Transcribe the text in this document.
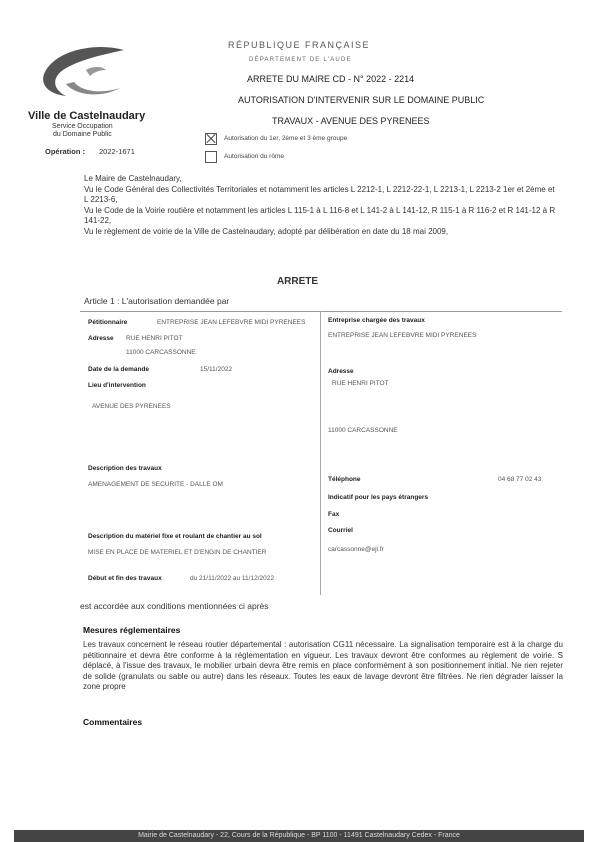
Ville de Castelnaudary
Service Occupation
du Domaine Public
Opération : 2022-1671
RÉPUBLIQUE FRANÇAISE
DÉPARTEMENT DE L'AUDE
ARRETE DU MAIRE CD - N° 2022 - 2214
AUTORISATION D'INTERVENIR SUR LE DOMAINE PUBLIC
TRAVAUX - AVENUE DES PYRENEES
Autorisation du 1er, 2ème et 3 ème groupe
Autorisation du rôme

Le Maire de Castelnaudary,

Vu le Code Général des Collectivités Territoriales et notamment les articles L 2212-1, L 2212-22-1, L 2213-1, L 2213-2 1er et 2ème et L 2213-6,

Vu le Code de la Voirie routière et notamment les articles L 115-1 à L 116-8 et L 141-2 à L 141-12, R 115-1 à R 116-2 et R 141-12 à R 141-22,

Vu le règlement de voirie de la Ville de Castelnaudary, adopté par délibération en date du 18 mai 2009,

ARRETE
Article 1 : L'autorisation demandée par
Pétitionnaire	ENTREPRISE JEAN LEFEBVRE MIDI PYRENEES
Adresse RUE HENRI PITOT
11000 CARCASSONNE
Date de la demande	15/11/2022
Lieu d'intervention
AVENUE DES PYRENEES
Description des travaux
AMENAGEMENT DE SECURITE - DALLE OM
Description du matériel fixe et roulant de chantier au sol
MISE EN PLACE DE MATERIEL ET D'ENGIN DE CHANTIER
Début et fin des travaux	du 21/11/2022 au 11/12/2022
Entreprise chargée des travaux
ENTREPRISE JEAN LEFEBVRE MIDI PYRENEES
Adresse
RUE HENRI PITOT
11000 CARCASSONNE
Téléphone	04 68 77 02 43
Indicatif pour les pays étrangers
Fax
Courriel
carcassonne@ejl.fr
est accordée aux conditions mentionnées ci après
Mesures réglementaires
Les travaux concernent le réseau routier départemental : autorisation CG11 nécessaire. La signalisation temporaire est à la charge du pétitionnaire et devra être conforme à la réglementation en vigueur. Les travaux devront être conformes au règlement de voirie. S déplacé, à l'issue des travaux, le mobilier urbain devra être remis en place conformément à son positionnement initial. Ne rien rejeter de solide (granulats ou sable ou autre) dans les réseaux. Toutes les eaux de lavage devront être filtrées. Ne rien dégrader laisser la zone propre
Commentaires
Mairie de Castelnaudary - 22, Cours de la République - BP 1100 - 11491 Castelnaudary Cedex - France
